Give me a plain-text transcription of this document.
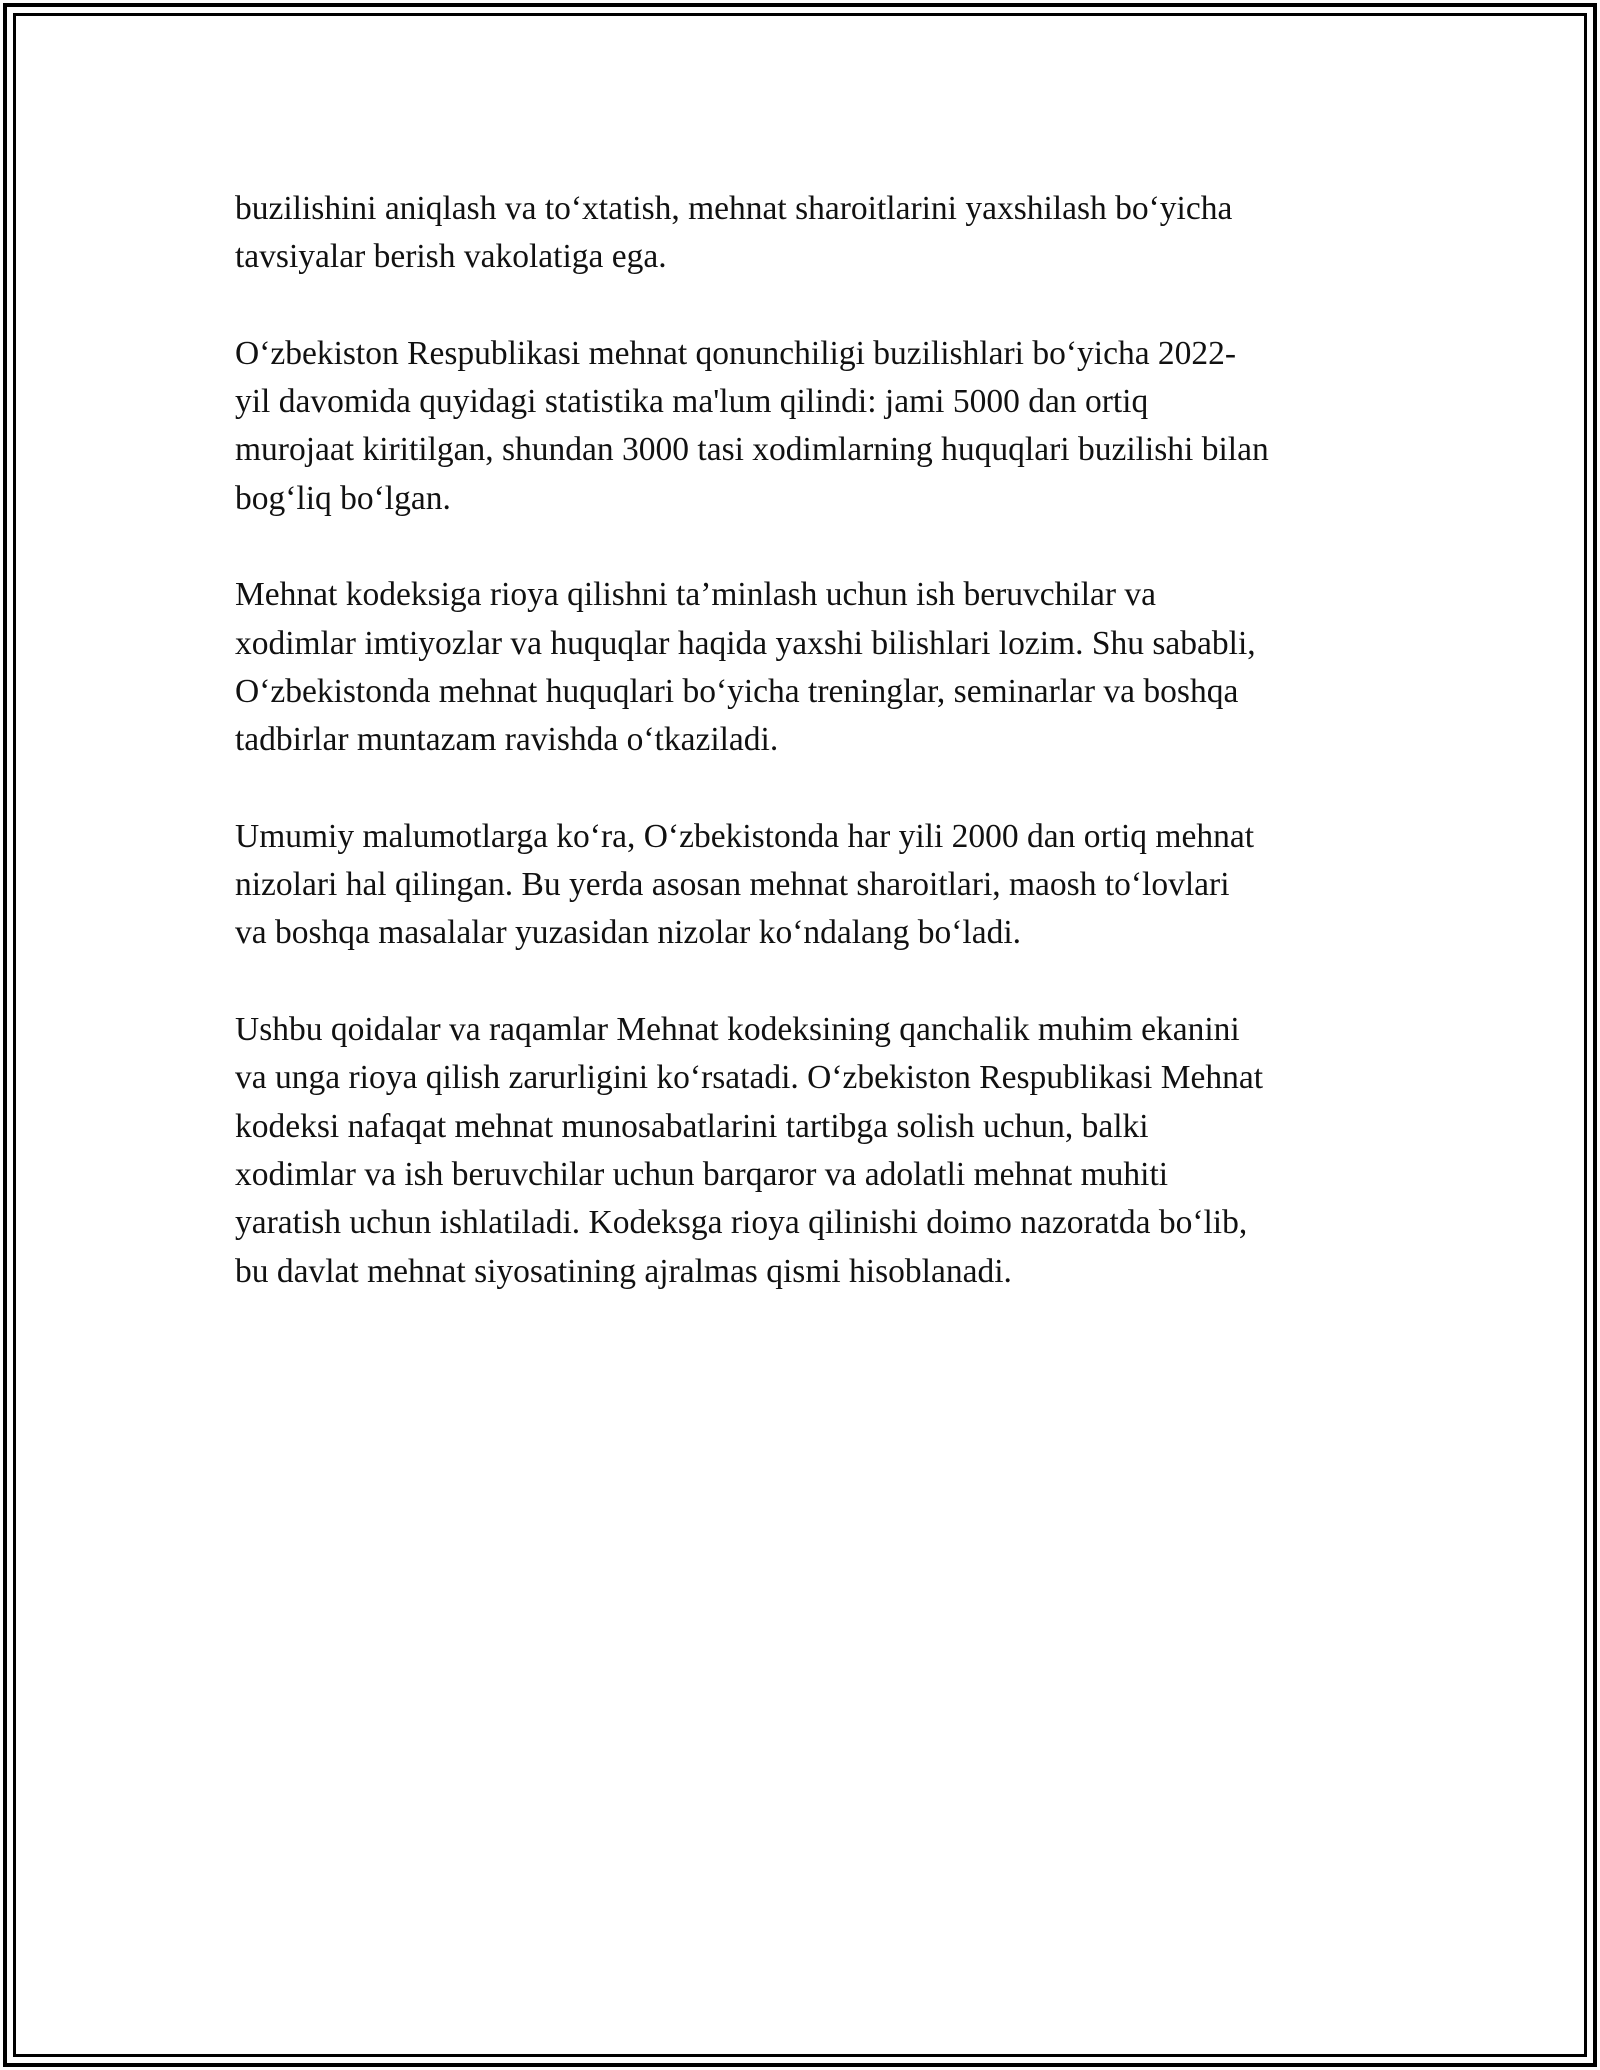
buzilishini aniqlash va to‘xtatish, mehnat sharoitlarini yaxshilash bo‘yicha
tavsiyalar berish vakolatiga ega.

O‘zbekiston Respublikasi mehnat qonunchiligi buzilishlari bo‘yicha 2022-
yil davomida quyidagi statistika ma'lum qilindi: jami 5000 dan ortiq
murojaat kiritilgan, shundan 3000 tasi xodimlarning huquqlari buzilishi bilan
bog‘liq bo‘lgan.

Mehnat kodeksiga rioya qilishni ta’minlash uchun ish beruvchilar va
xodimlar imtiyozlar va huquqlar haqida yaxshi bilishlari lozim. Shu sababli,
O‘zbekistonda mehnat huquqlari bo‘yicha treninglar, seminarlar va boshqa
tadbirlar muntazam ravishda o‘tkaziladi.

Umumiy malumotlarga ko‘ra, O‘zbekistonda har yili 2000 dan ortiq mehnat
nizolari hal qilingan. Bu yerda asosan mehnat sharoitlari, maosh to‘lovlari
va boshqa masalalar yuzasidan nizolar ko‘ndalang bo‘ladi.

Ushbu qoidalar va raqamlar Mehnat kodeksining qanchalik muhim ekanini
va unga rioya qilish zarurligini ko‘rsatadi. O‘zbekiston Respublikasi Mehnat
kodeksi nafaqat mehnat munosabatlarini tartibga solish uchun, balki
xodimlar va ish beruvchilar uchun barqaror va adolatli mehnat muhiti
yaratish uchun ishlatiladi. Kodeksga rioya qilinishi doimo nazoratda bo‘lib,
bu davlat mehnat siyosatining ajralmas qismi hisoblanadi.
